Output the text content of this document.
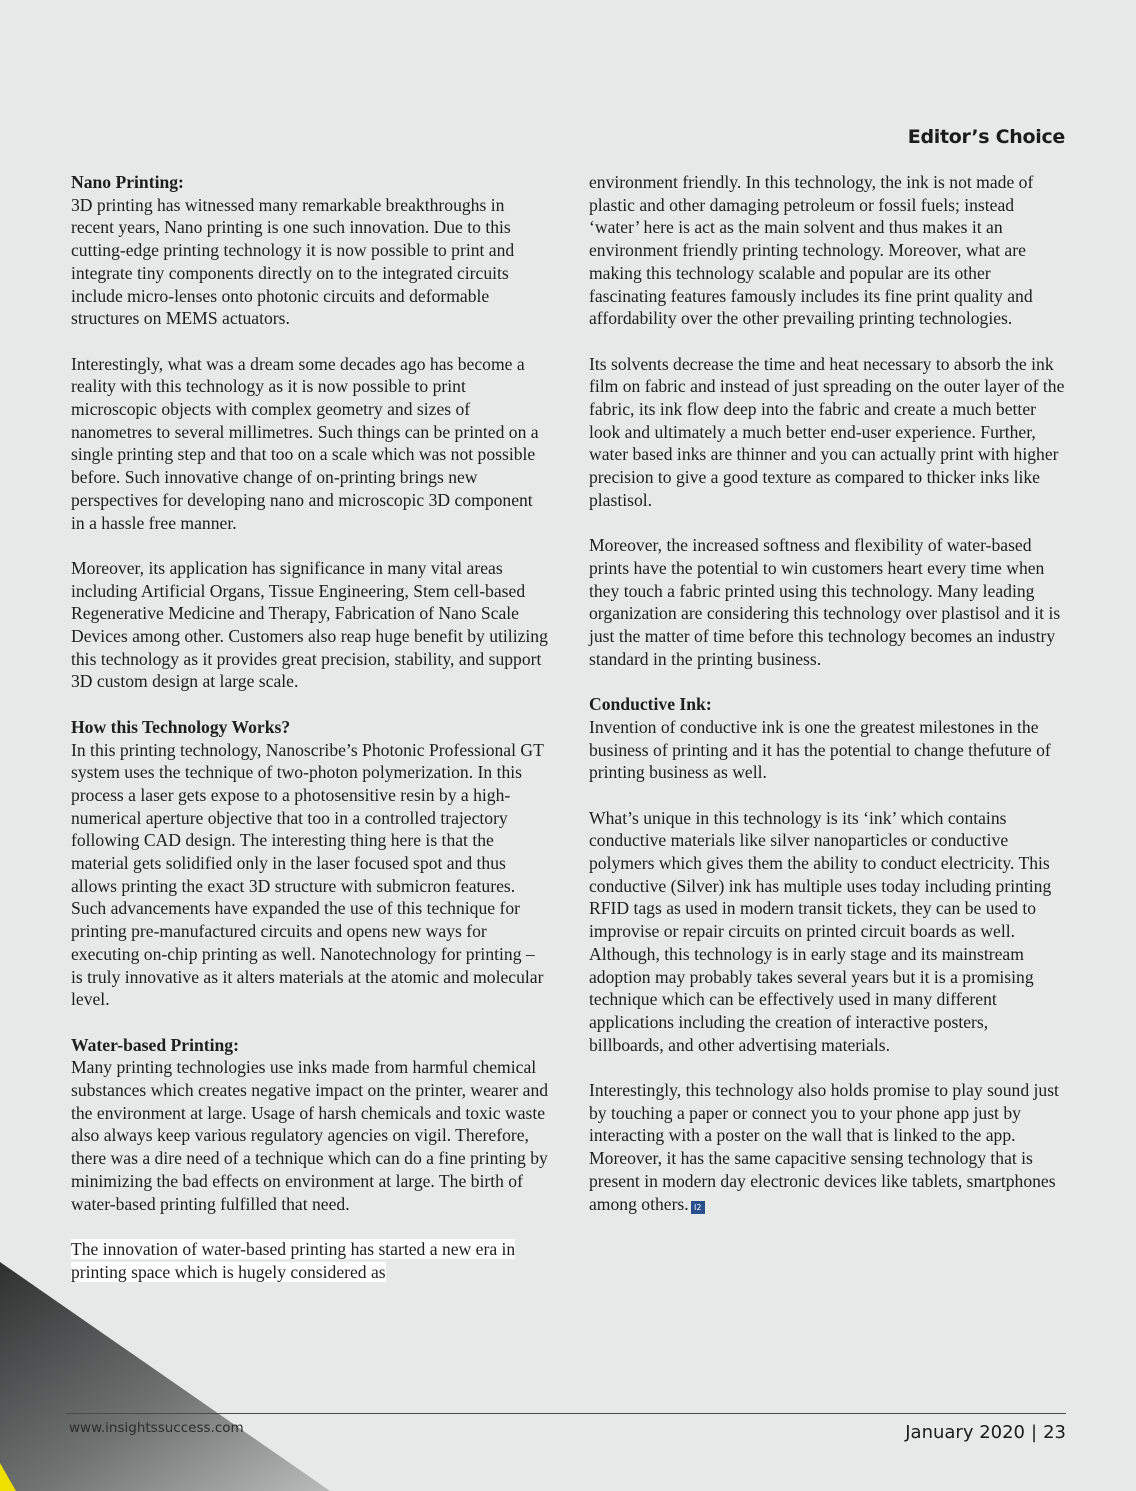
Editor’s Choice
Nano Printing:

3D printing has witnessed many remarkable breakthroughs in recent years, Nano printing is one such innovation. Due to this cutting-edge printing technology it is now possible to print and integrate tiny components directly on to the integrated circuits include micro-lenses onto photonic circuits and deformable structures on MEMS actuators.

Interestingly, what was a dream some decades ago has become a reality with this technology as it is now possible to print microscopic objects with complex geometry and sizes of nanometres to several millimetres. Such things can be printed on a single printing step and that too on a scale which was not possible before. Such innovative change of on-printing brings new perspectives for developing nano and microscopic 3D component in a hassle free manner.

Moreover, its application has significance in many vital areas including Artificial Organs, Tissue Engineering, Stem cell-based Regenerative Medicine and Therapy, Fabrication of Nano Scale Devices among other. Customers also reap huge benefit by utilizing this technology as it provides great precision, stability, and support 3D custom design at large scale.

How this Technology Works?

In this printing technology, Nanoscribe’s Photonic Professional GT system uses the technique of two-photon polymerization. In this process a laser gets expose to a photosensitive resin by a high-numerical aperture objective that too in a controlled trajectory following CAD design. The interesting thing here is that the material gets solidified only in the laser focused spot and thus allows printing the exact 3D structure with submicron features. Such advancements have expanded the use of this technique for printing pre-manufactured circuits and opens new ways for executing on-chip printing as well. Nanotechnology for printing – is truly innovative as it alters materials at the atomic and molecular level.

Water-based Printing:

Many printing technologies use inks made from harmful chemical substances which creates negative impact on the printer, wearer and the environment at large. Usage of harsh chemicals and toxic waste also always keep various regulatory agencies on vigil. Therefore, there was a dire need of a technique which can do a fine printing by minimizing the bad effects on environment at large. The birth of water-based printing fulfilled that need.

The innovation of water-based printing has started a new era in printing space which is hugely considered as

environment friendly. In this technology, the ink is not made of plastic and other damaging petroleum or fossil fuels; instead ‘water’ here is act as the main solvent and thus makes it an environment friendly printing technology. Moreover, what are making this technology scalable and popular are its other fascinating features famously includes its fine print quality and affordability over the other prevailing printing technologies.

Its solvents decrease the time and heat necessary to absorb the ink film on fabric and instead of just spreading on the outer layer of the fabric, its ink flow deep into the fabric and create a much better look and ultimately a much better end-user experience. Further, water based inks are thinner and you can actually print with higher precision to give a good texture as compared to thicker inks like plastisol.

Moreover, the increased softness and flexibility of water-based prints have the potential to win customers heart every time when they touch a fabric printed using this technology. Many leading organization are considering this technology over plastisol and it is just the matter of time before this technology becomes an industry standard in the printing business.

Conductive Ink:

Invention of conductive ink is one the greatest milestones in the business of printing and it has the potential to change thefuture of printing business as well.

What’s unique in this technology is its ‘ink’ which contains conductive materials like silver nanoparticles or conductive polymers which gives them the ability to conduct electricity. This conductive (Silver) ink has multiple uses today including printing RFID tags as used in modern transit tickets, they can be used to improvise or repair circuits on printed circuit boards as well. Although, this technology is in early stage and its mainstream adoption may probably takes several years but it is a promising technique which can be effectively used in many different applications including the creation of interactive posters, billboards, and other advertising materials.

Interestingly, this technology also holds promise to play sound just by touching a paper or connect you to your phone app just by interacting with a poster on the wall that is linked to the app. Moreover, it has the same capacitive sensing technology that is present in modern day electronic devices like tablets, smartphones among others. I2

www.insightssuccess.com	January 2020 | 23
